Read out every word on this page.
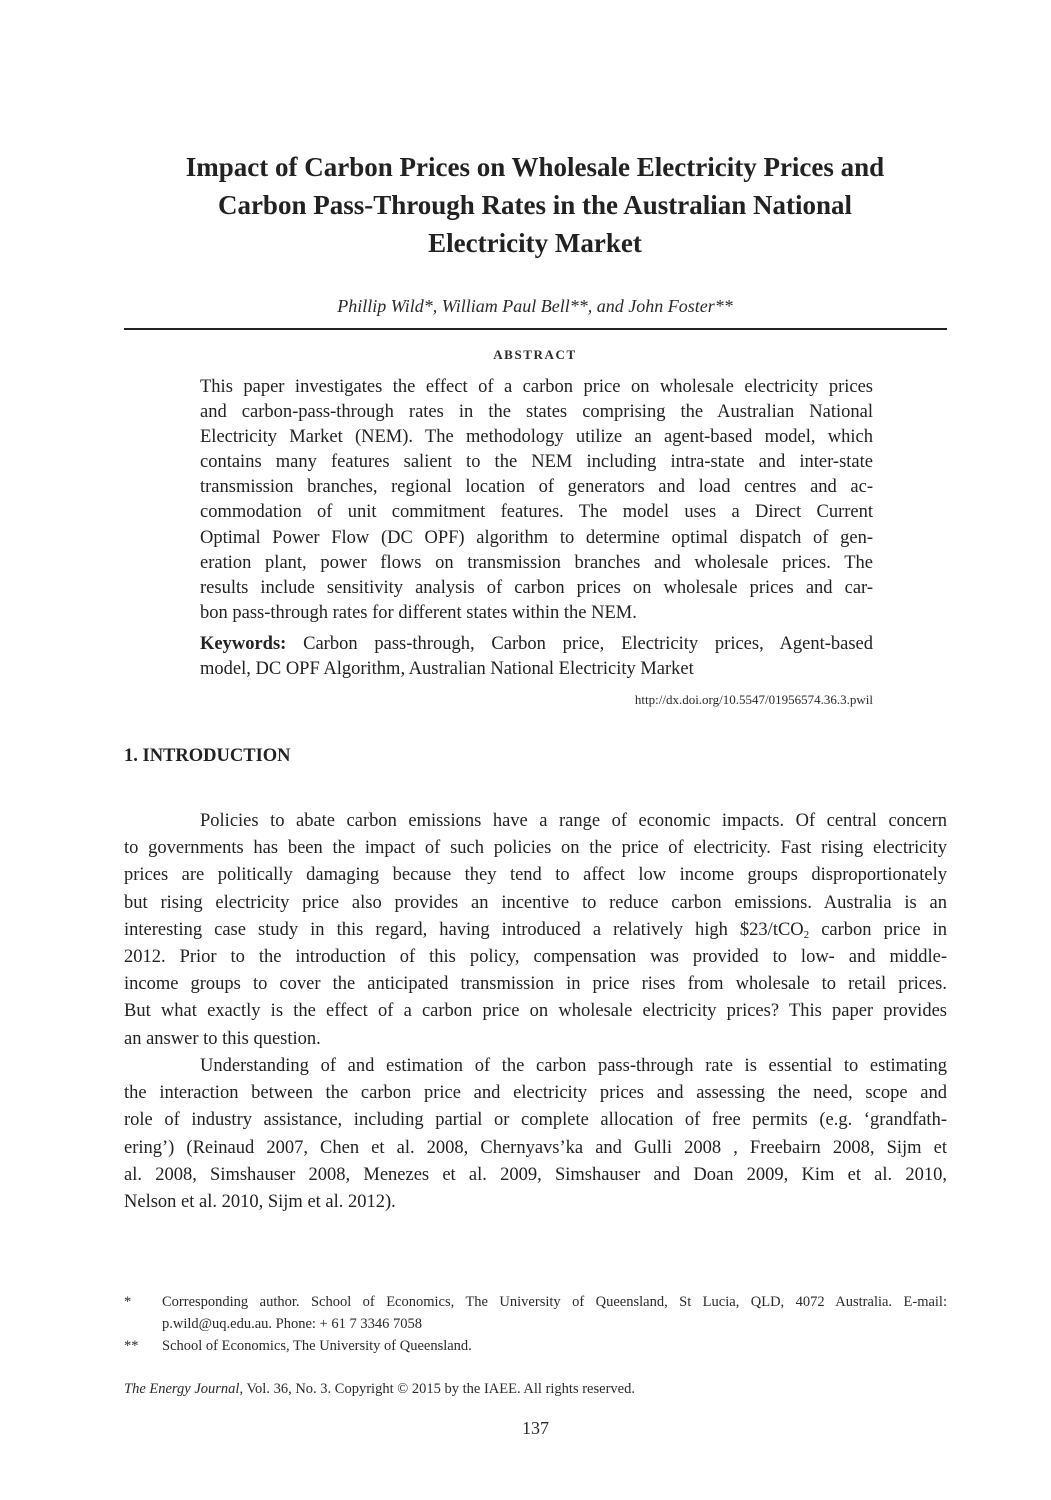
Impact of Carbon Prices on Wholesale Electricity Prices and
Carbon Pass-Through Rates in the Australian National
Electricity Market
Phillip Wild*, William Paul Bell**, and John Foster**
ABSTRACT
This paper investigates the effect of a carbon price on wholesale electricity prices
and carbon-pass-through rates in the states comprising the Australian National
Electricity Market (NEM). The methodology utilize an agent-based model, which
contains many features salient to the NEM including intra-state and inter-state
transmission branches, regional location of generators and load centres and ac-
commodation of unit commitment features. The model uses a Direct Current
Optimal Power Flow (DC OPF) algorithm to determine optimal dispatch of gen-
eration plant, power flows on transmission branches and wholesale prices. The
results include sensitivity analysis of carbon prices on wholesale prices and car-
bon pass-through rates for different states within the NEM.
Keywords: Carbon pass-through, Carbon price, Electricity prices, Agent-based
model, DC OPF Algorithm, Australian National Electricity Market
http://dx.doi.org/10.5547/01956574.36.3.pwil
1. INTRODUCTION
Policies to abate carbon emissions have a range of economic impacts. Of central concern
to governments has been the impact of such policies on the price of electricity. Fast rising electricity
prices are politically damaging because they tend to affect low income groups disproportionately
but rising electricity price also provides an incentive to reduce carbon emissions. Australia is an
interesting case study in this regard, having introduced a relatively high $23/tCO$_2$ carbon price in
2012. Prior to the introduction of this policy, compensation was provided to low- and middle-
income groups to cover the anticipated transmission in price rises from wholesale to retail prices.
But what exactly is the effect of a carbon price on wholesale electricity prices? This paper provides
an answer to this question.
Understanding of and estimation of the carbon pass-through rate is essential to estimating
the interaction between the carbon price and electricity prices and assessing the need, scope and
role of industry assistance, including partial or complete allocation of free permits (e.g. ‘grandfath-
ering’) (Reinaud 2007, Chen et al. 2008, Chernyavs’ka and Gulli 2008 , Freebairn 2008, Sijm et
al. 2008, Simshauser 2008, Menezes et al. 2009, Simshauser and Doan 2009, Kim et al. 2010,
Nelson et al. 2010, Sijm et al. 2012).
* Corresponding author. School of Economics, The University of Queensland, St Lucia, QLD, 4072 Australia. E-mail:
p.wild@uq.edu.au. Phone: + 61 7 3346 7058
** School of Economics, The University of Queensland.
The Energy Journal, Vol. 36, No. 3. Copyright © 2015 by the IAEE. All rights reserved.
137
